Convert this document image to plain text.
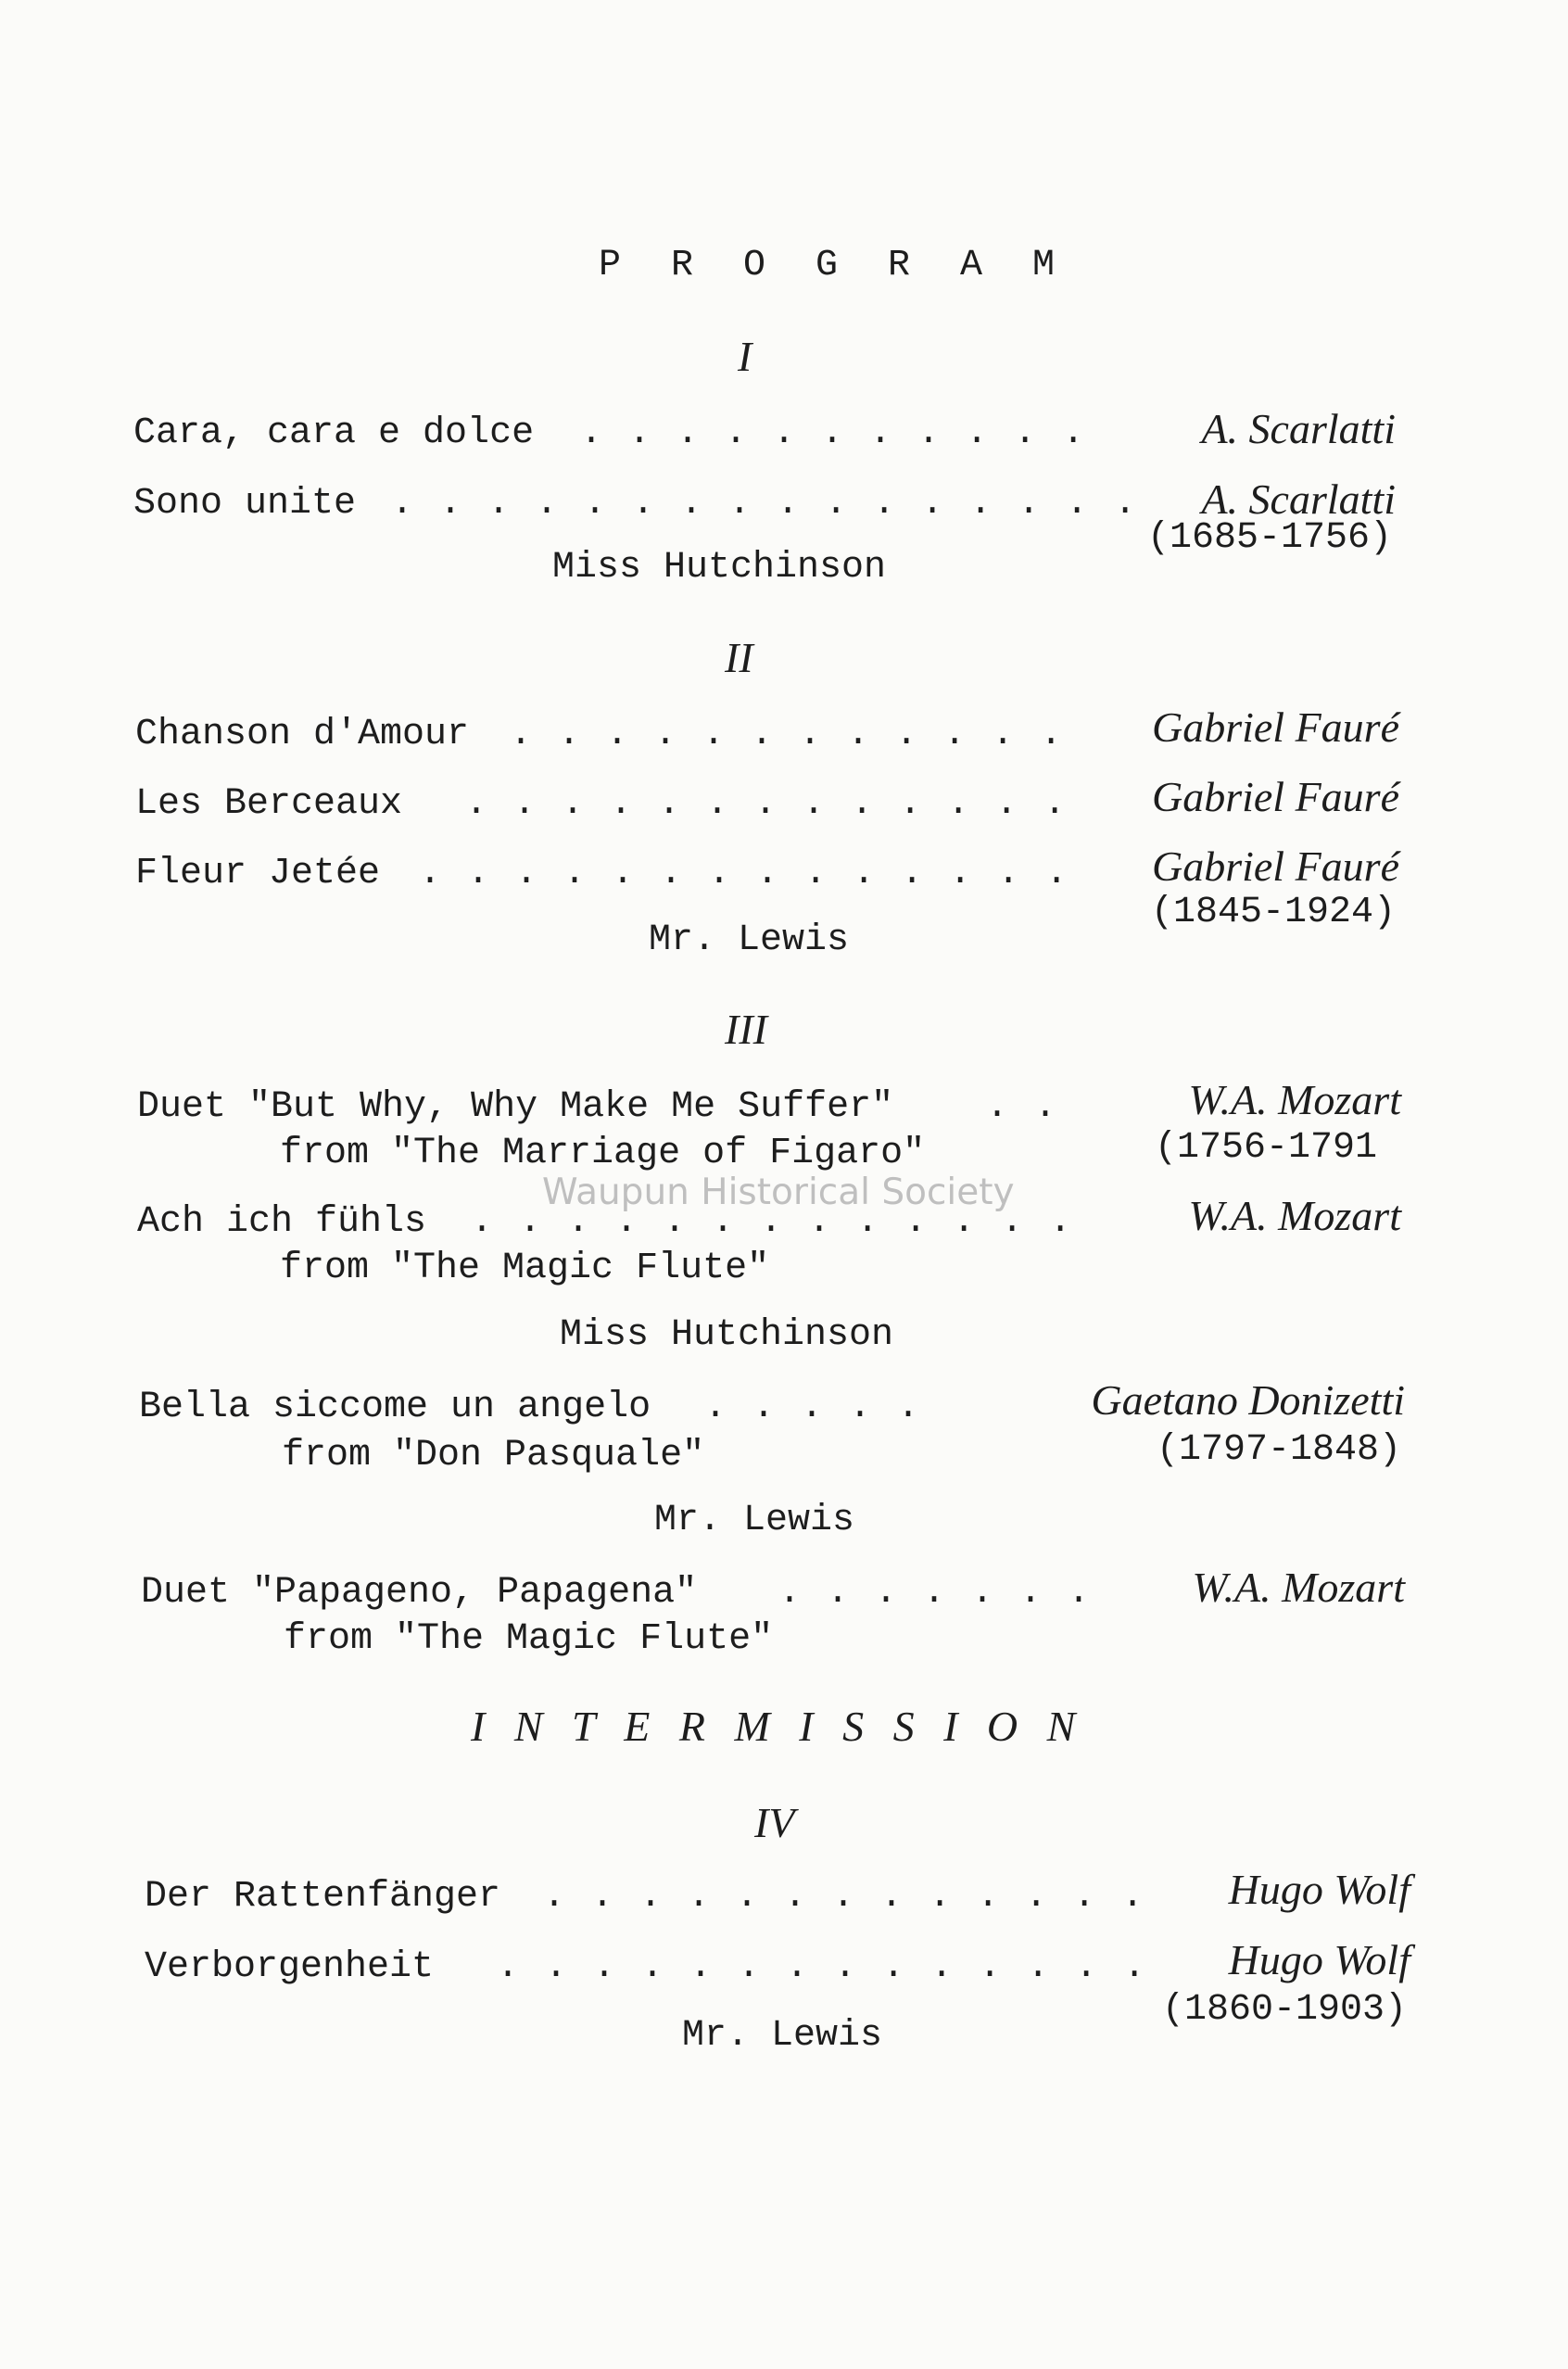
P R O G R A M
I
Cara, cara e dolce . . . . . . . . . . .	A. Scarlatti
Sono unite . . . . . . . . . . . . . . . . A. Scarlatti
(1685-1756)
Miss Hutchinson
II
Chanson d'Amour . . . . . . . . . . . . Gabriel Fauré
Les Berceaux . . . . . . . . . . . . . Gabriel Fauré
Fleur Jetée . . . . . . . . . . . . . . Gabriel Fauré
(1845-1924)
Mr. Lewis
III
Duet "But Why, Why Make Me Suffer" . .	W.A. Mozart
from "The Marriage of Figaro"	(1756-1791
Ach ich fühls . . . . . . . . . . . . .	W.A. Mozart
from "The Magic Flute"
Miss Hutchinson
Bella siccome un angelo . . . . .	Gaetano Donizetti
from "Don Pasquale"	(1797-1848)
Mr. Lewis
Duet "Papageno, Papagena" . . . . . . . W.A. Mozart
from "The Magic Flute"
I N T E R M I S S I O N
IV
Der Rattenfänger . . . . . . . . . . . . . Hugo Wolf
Verborgenheit . . . . . . . . . . . . . . Hugo Wolf
(1860-1903)
Mr. Lewis
Waupun Historical Society
